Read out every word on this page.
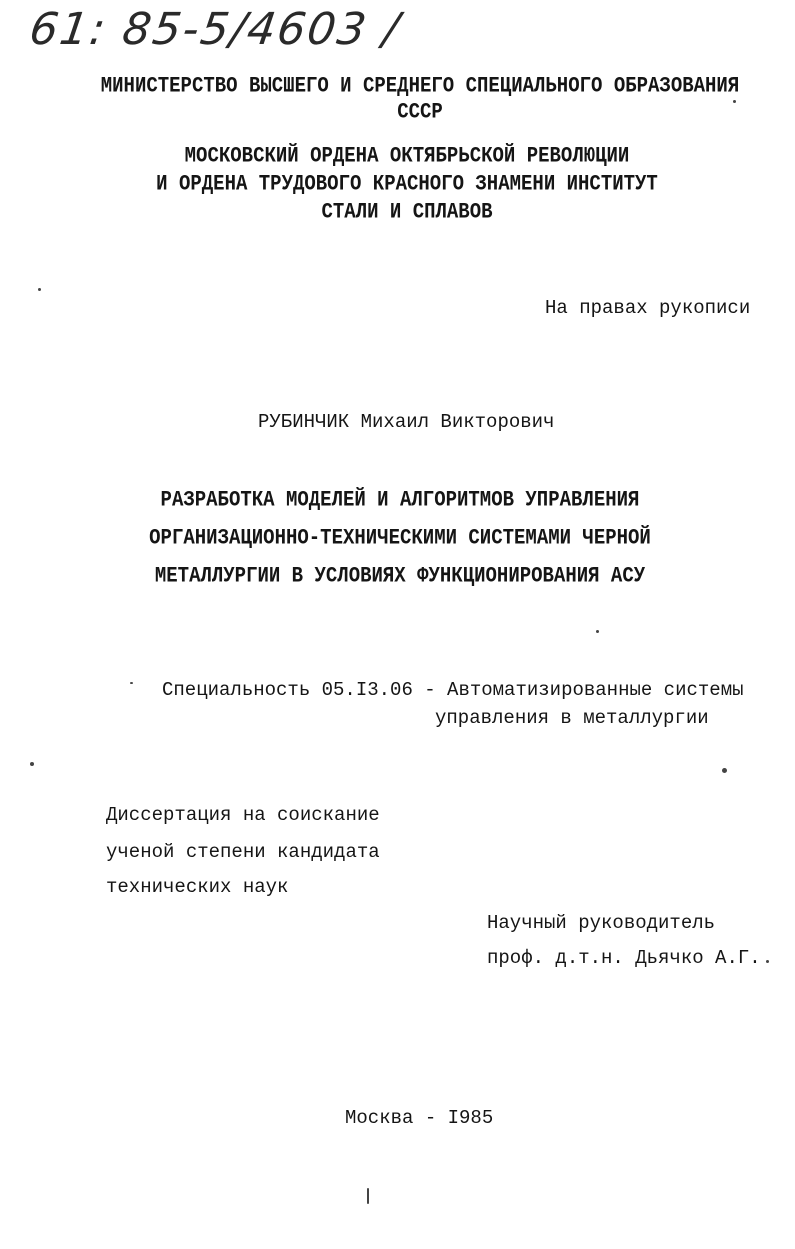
61: 85-5/4603 /
МИНИСТЕРСТВО ВЫСШЕГО И СРЕДНЕГО СПЕЦИАЛЬНОГО ОБРАЗОВАНИЯ
СССР
МОСКОВСКИЙ ОРДЕНА ОКТЯБРЬСКОЙ РЕВОЛЮЦИИ
И ОРДЕНА ТРУДОВОГО КРАСНОГО ЗНАМЕНИ ИНСТИТУТ
СТАЛИ И СПЛАВОВ
На правах рукописи
РУБИНЧИК Михаил Викторович
РАЗРАБОТКА МОДЕЛЕЙ И АЛГОРИТМОВ УПРАВЛЕНИЯ
ОРГАНИЗАЦИОННО-ТЕХНИЧЕСКИМИ СИСТЕМАМИ ЧЕРНОЙ
МЕТАЛЛУРГИИ В УСЛОВИЯХ ФУНКЦИОНИРОВАНИЯ АСУ
Специальность 05.I3.06 - Автоматизированные системы
управления в металлургии
Диссертация на соискание
ученой степени кандидата
технических наук
Научный руководитель
проф. д.т.н. Дьячко А.Г.
Москва - I985
